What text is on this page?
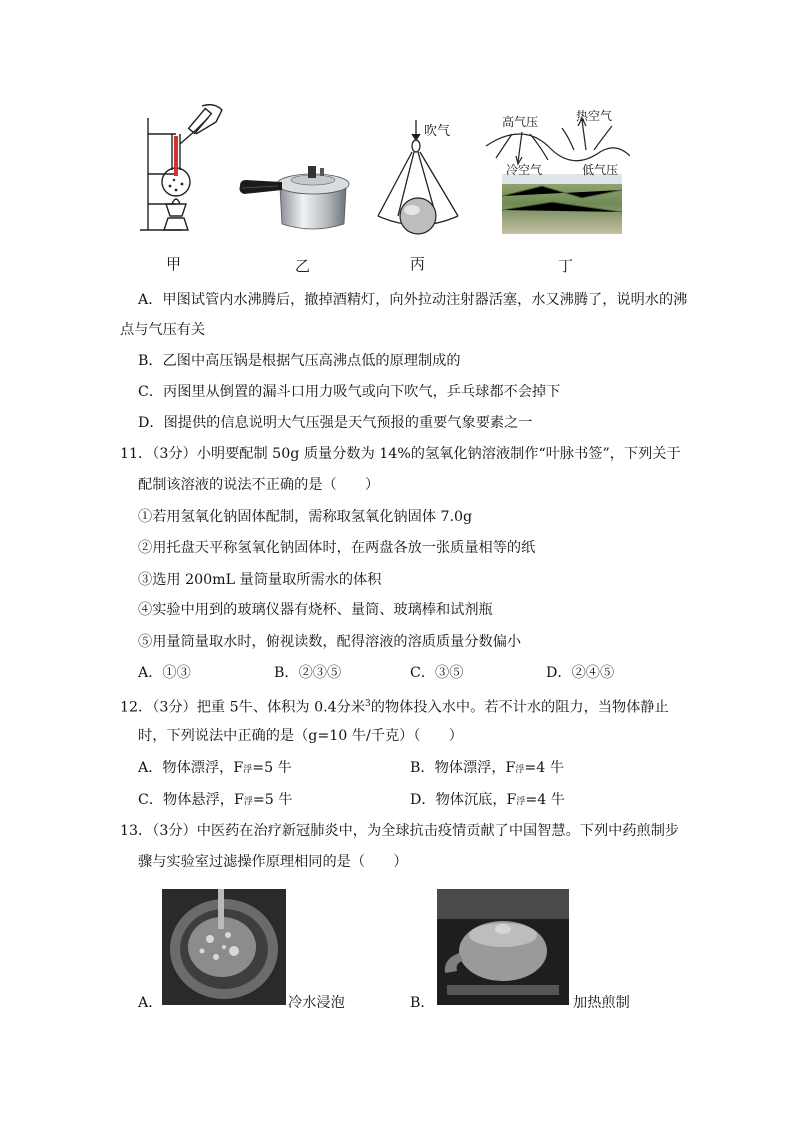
吹气
高气压	热空气
冷空气	低气压
甲	乙	丙	丁
A．甲图试管内水沸腾后，撤掉酒精灯，向外拉动注射器活塞，水又沸腾了，说明水的沸
点与气压有关
B．乙图中高压锅是根据气压高沸点低的原理制成的
C．丙图里从倒置的漏斗口用力吸气或向下吹气，乒乓球都不会掉下
D．图提供的信息说明大气压强是天气预报的重要气象要素之一
11．（3分）小明要配制 50g 质量分数为 14%的氢氧化钠溶液制作“叶脉书签”，下列关于
配制该溶液的说法不正确的是（　　）
①若用氢氧化钠固体配制，需称取氢氧化钠固体 7.0g
②用托盘天平称氢氧化钠固体时，在两盘各放一张质量相等的纸
③选用 200mL 量筒量取所需水的体积
④实验中用到的玻璃仪器有烧杯、量筒、玻璃棒和试剂瓶
⑤用量筒量取水时，俯视读数，配得溶液的溶质质量分数偏小
A．①③	B．②③⑤	C．③⑤	D．②④⑤
12．（3分）把重 5牛、体积为 0.4分米$^3$的物体投入水中。若不计水的阻力，当物体静止
时，下列说法中正确的是（g=10 牛/千克）（　　）
A．物体漂浮，F浮=5 牛	B．物体漂浮，F浮=4 牛
C．物体悬浮，F浮=5 牛	D．物体沉底，F浮=4 牛
13．（3分）中医药在治疗新冠肺炎中，为全球抗击疫情贡献了中国智慧。下列中药煎制步
骤与实验室过滤操作原理相同的是（　　）
A．	冷水浸泡	B．	加热煎制
